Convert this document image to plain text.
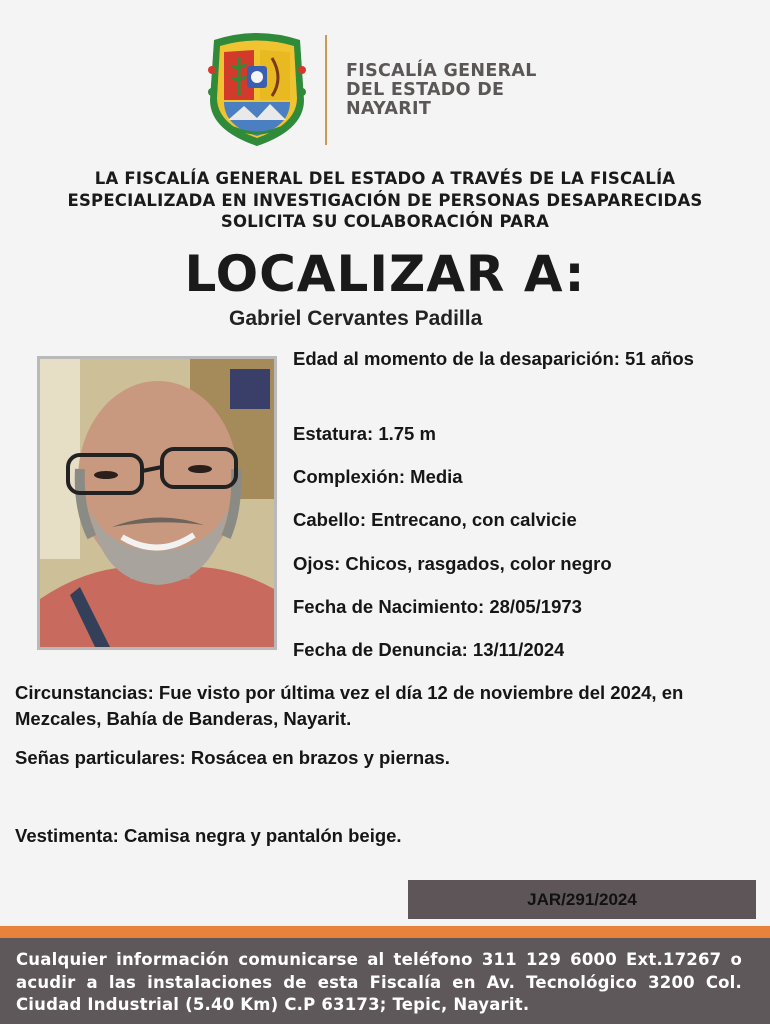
FISCALÍA GENERAL
DEL ESTADO DE
NAYARIT
LA FISCALÍA GENERAL DEL ESTADO A TRAVÉS DE LA FISCALÍA
ESPECIALIZADA EN INVESTIGACIÓN DE PERSONAS DESAPARECIDAS
SOLICITA SU COLABORACIÓN PARA
LOCALIZAR A:
Gabriel Cervantes Padilla
Edad al momento de la desaparición: 51 años
Estatura: 1.75 m
Complexión: Media
Cabello: Entrecano, con calvicie
Ojos: Chicos, rasgados, color negro
Fecha de Nacimiento: 28/05/1973
Fecha de Denuncia: 13/11/2024
Circunstancias: Fue visto por última vez el día 12 de noviembre del 2024, en Mezcales, Bahía de Banderas, Nayarit.
Señas particulares: Rosácea en brazos y piernas.
Vestimenta: Camisa negra y pantalón beige.
JAR/291/2024
Cualquier información comunicarse al teléfono 311 129 6000 Ext.17267 o acudir a las instalaciones de esta Fiscalía en Av. Tecnológico 3200 Col. Ciudad Industrial (5.40 Km) C.P 63173; Tepic, Nayarit.
